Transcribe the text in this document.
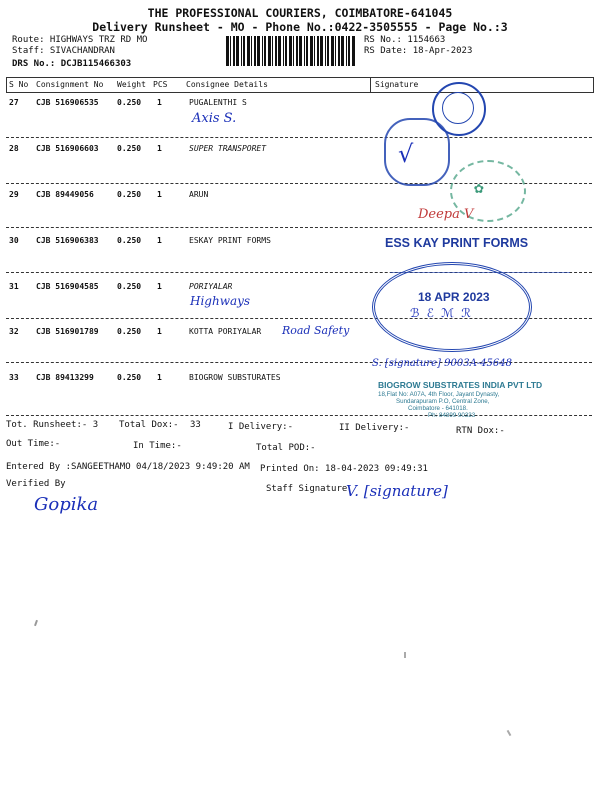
THE PROFESSIONAL COURIERS, COIMBATORE-641045
Delivery Runsheet - MO - Phone No.:0422-3505555 - Page No.:3
Route: HIGHWAYS TRZ RD MO
Staff: SIVACHANDRAN
DRS No.: DCJB115466303
RS No.: 1154663
RS Date: 18-Apr-2023
S No Consignment No Weight PCS Consignee Details	Signature
27 CJB 516906535 0.250 1	PUGALENTHI S
Axis S.
28 CJB 516906603 0.250 1	SUPER TRANSPORET
29 CJB 89449056	0.250 1	ARUN
30 CJB 516906383 0.250 1	ESKAY PRINT FORMS
31 CJB 516904585 0.250 1	PORIYALAR
Highways
32 CJB 516901789 0.250 1	KOTTA PORIYALAR Road Safety
33 CJB 89413299	0.250 1	BIOGROW SUBSTURATES
√
✿
Deepa V
ESS KAY PRINT FORMS
18 APR 2023
ℬ ℰ ℳ ℛ
S. [signature] 9003A-45648
BIOGROW SUBSTRATES INDIA PVT LTD
18,Flat No: A07A, 4th Floor, Jayant Dynasty,
Sundarapuram P.O, Central Zone,
Coimbatore - 641018.
Ph: 84899 90333
Tot. Runsheet:- 3 Total Dox:- 33	I Delivery:-	II Delivery:-	RTN Dox:-
Out Time:-	In Time:-	Total POD:-
Entered By :SANGEETHAMO 04/18/2023 9:49:20 AM Printed On: 18-04-2023 09:49:31
Verified By
Gopika
Staff Signature
V. [signature]
